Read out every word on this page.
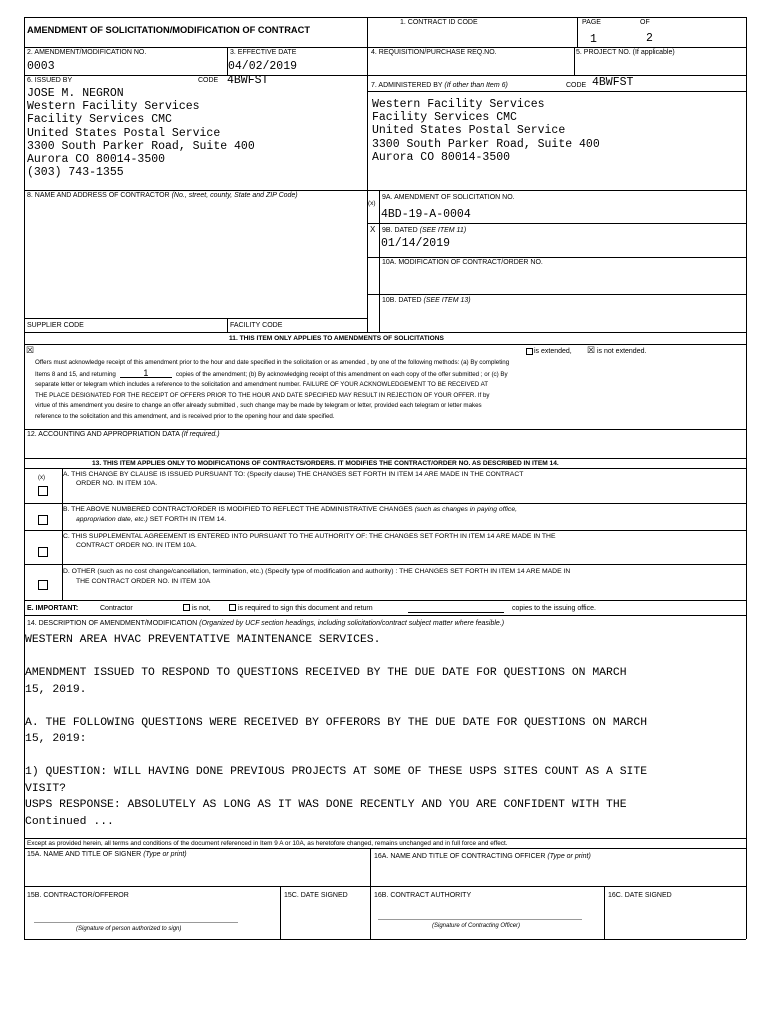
AMENDMENT OF SOLICITATION/MODIFICATION OF CONTRACT
1. CONTRACT ID CODE	PAGE	OF
1	2
2. AMENDMENT/MODIFICATION NO.
0003
3. EFFECTIVE DATE
04/02/2019
4. REQUISITION/PURCHASE REQ.NO.	5. PROJECT NO. (If applicable)
6. ISSUED BY	CODE 4BWFST
JOSE M. NEGRON
Western Facility Services
Facility Services CMC
United States Postal Service
3300 South Parker Road, Suite 400
Aurora CO 80014-3500
(303) 743-1355
7. ADMINISTERED BY (If other than Item 6)	CODE 4BWFST
Western Facility Services
Facility Services CMC
United States Postal Service
3300 South Parker Road, Suite 400
Aurora CO 80014-3500
8. NAME AND ADDRESS OF CONTRACTOR (No., street, county, State and ZIP Code)
(x)
9A. AMENDMENT OF SOLICITATION NO.
4BD-19-A-0004
X 9B. DATED (SEE ITEM 11)
01/14/2019
10A. MODIFICATION OF CONTRACT/ORDER NO.
10B. DATED (SEE ITEM 13)
SUPPLIER CODE	FACILITY CODE
11. THIS ITEM ONLY APPLIES TO AMENDMENTS OF SOLICITATIONS
☒	is extended, ☒ is not extended.
Offers must acknowledge receipt of this amendment prior to the hour and date specified in the solicitation or as amended , by one of the following methods: (a) By completing
Items 8 and 15, and returning	1	copies of the amendment; (b) By acknowledging receipt of this amendment on each copy of the offer submitted ; or (c) By
separate letter or telegram which includes a reference to the solicitation and amendment number. FAILURE OF YOUR ACKNOWLEDGEMENT TO BE RECEIVED AT
THE PLACE DESIGNATED FOR THE RECEIPT OF OFFERS PRIOR TO THE HOUR AND DATE SPECIFIED MAY RESULT IN REJECTION OF YOUR OFFER. If by
virtue of this amendment you desire to change an offer already submitted , such change may be made by telegram or letter, provided each telegram or letter makes
reference to the solicitation and this amendment, and is received prior to the opening hour and date specified.
12. ACCOUNTING AND APPROPRIATION DATA (If required.)
13. THIS ITEM APPLIES ONLY TO MODIFICATIONS OF CONTRACTS/ORDERS. IT MODIFIES THE CONTRACT/ORDER NO. AS DESCRIBED IN ITEM 14.
(x)	A. THIS CHANGE BY CLAUSE IS ISSUED PURSUANT TO: (Specify clause) THE CHANGES SET FORTH IN ITEM 14 ARE MADE IN THE CONTRACT
ORDER NO. IN ITEM 10A.
B. THE ABOVE NUMBERED CONTRACT/ORDER IS MODIFIED TO REFLECT THE ADMINISTRATIVE CHANGES (such as changes in paying office,
appropriation date, etc.) SET FORTH IN ITEM 14.
C. THIS SUPPLEMENTAL AGREEMENT IS ENTERED INTO PURSUANT TO THE AUTHORITY OF: THE CHANGES SET FORTH IN ITEM 14 ARE MADE IN THE
CONTRACT ORDER NO. IN ITEM 10A.
D. OTHER (such as no cost change/cancellation, termination, etc.) (Specify type of modification and authority) : THE CHANGES SET FORTH IN ITEM 14 ARE MADE IN
THE CONTRACT ORDER NO. IN ITEM 10A
E. IMPORTANT:	Contractor	is not,	is required to sign this document and return	copies to the issuing office.
14. DESCRIPTION OF AMENDMENT/MODIFICATION (Organized by UCF section headings, including solicitation/contract subject matter where feasible.)
WESTERN AREA HVAC PREVENTATIVE MAINTENANCE SERVICES.

AMENDMENT ISSUED TO RESPOND TO QUESTIONS RECEIVED BY THE DUE DATE FOR QUESTIONS ON MARCH
15, 2019.

A. THE FOLLOWING QUESTIONS WERE RECEIVED BY OFFERORS BY THE DUE DATE FOR QUESTIONS ON MARCH
15, 2019:

1) QUESTION: WILL HAVING DONE PREVIOUS PROJECTS AT SOME OF THESE USPS SITES COUNT AS A SITE
VISIT?
USPS RESPONSE: ABSOLUTELY AS LONG AS IT WAS DONE RECENTLY AND YOU ARE CONFIDENT WITH THE
Continued ...
Except as provided herein, all terms and conditions of the document referenced in Item 9 A or 10A, as heretofore changed, remains unchanged and in full force and effect.
15A. NAME AND TITLE OF SIGNER (Type or print)	16A. NAME AND TITLE OF CONTRACTING OFFICER (Type or print)
15B. CONTRACTOR/OFFEROR	15C. DATE SIGNED	16B. CONTRACT AUTHORITY	16C. DATE SIGNED
(Signature of person authorized to sign)	(Signature of Contracting Officer)
